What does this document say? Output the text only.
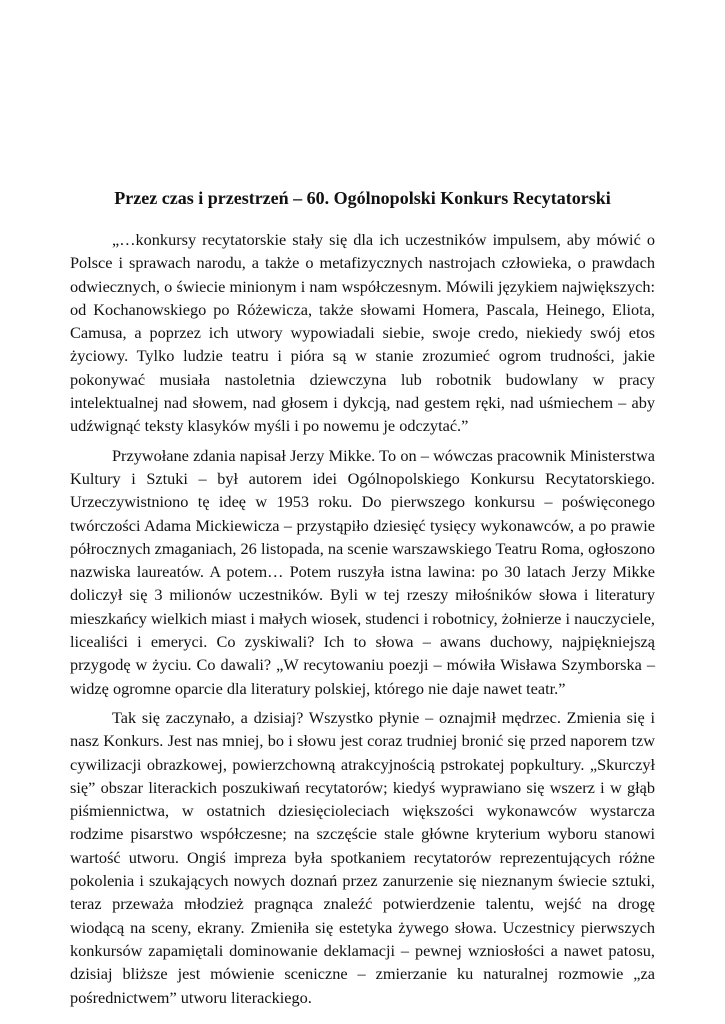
Przez czas i przestrzeń – 60. Ogólnopolski Konkurs Recytatorski

„…konkursy recytatorskie stały się dla ich uczestników impulsem, aby mówić o Polsce i sprawach narodu, a także o metafizycznych nastrojach człowieka, o prawdach odwiecznych, o świecie minionym i nam współczesnym. Mówili językiem największych: od Kochanowskiego po Różewicza, także słowami Homera, Pascala, Heinego, Eliota, Camusa, a poprzez ich utwory wypowiadali siebie, swoje credo, niekiedy swój etos życiowy. Tylko ludzie teatru i pióra są w stanie zrozumieć ogrom trudności, jakie pokonywać musiała nastoletnia dziewczyna lub robotnik budowlany w pracy intelektualnej nad słowem, nad głosem i dykcją, nad gestem ręki, nad uśmiechem – aby udźwignąć teksty klasyków myśli i po nowemu je odczytać.”

Przywołane zdania napisał Jerzy Mikke. To on – wówczas pracownik Ministerstwa Kultury i Sztuki – był autorem idei Ogólnopolskiego Konkursu Recytatorskiego. Urzeczywistniono tę ideę w 1953 roku. Do pierwszego konkursu – poświęconego twórczości Adama Mickiewicza – przystąpiło dziesięć tysięcy wykonawców, a po prawie półrocznych zmaganiach, 26 listopada, na scenie warszawskiego Teatru Roma, ogłoszono nazwiska laureatów. A potem… Potem ruszyła istna lawina: po 30 latach Jerzy Mikke doliczył się 3 milionów uczestników. Byli w tej rzeszy miłośników słowa i literatury mieszkańcy wielkich miast i małych wiosek, studenci i robotnicy, żołnierze i nauczyciele, licealiści i emeryci. Co zyskiwali? Ich to słowa – awans duchowy, najpiękniejszą przygodę w życiu. Co dawali? „W recytowaniu poezji – mówiła Wisława Szymborska – widzę ogromne oparcie dla literatury polskiej, którego nie daje nawet teatr.”

Tak się zaczynało, a dzisiaj? Wszystko płynie – oznajmił mędrzec. Zmienia się i nasz Konkurs. Jest nas mniej, bo i słowu jest coraz trudniej bronić się przed naporem tzw cywilizacji obrazkowej, powierzchowną atrakcyjnością pstrokatej popkultury. „Skurczył się” obszar literackich poszukiwań recytatorów; kiedyś wyprawiano się wszerz i w głąb piśmiennictwa, w ostatnich dziesięcioleciach większości wykonawców wystarcza rodzime pisarstwo współczesne; na szczęście stale główne kryterium wyboru stanowi wartość utworu. Ongiś impreza była spotkaniem recytatorów reprezentujących różne pokolenia i szukających nowych doznań przez zanurzenie się nieznanym świecie sztuki, teraz przeważa młodzież pragnąca znaleźć potwierdzenie talentu, wejść na drogę wiodącą na sceny, ekrany. Zmieniła się estetyka żywego słowa. Uczestnicy pierwszych konkursów zapamiętali dominowanie deklamacji – pewnej wzniosłości a nawet patosu, dzisiaj bliższe jest mówienie sceniczne – zmierzanie ku naturalnej rozmowie „za pośrednictwem” utworu literackiego.
